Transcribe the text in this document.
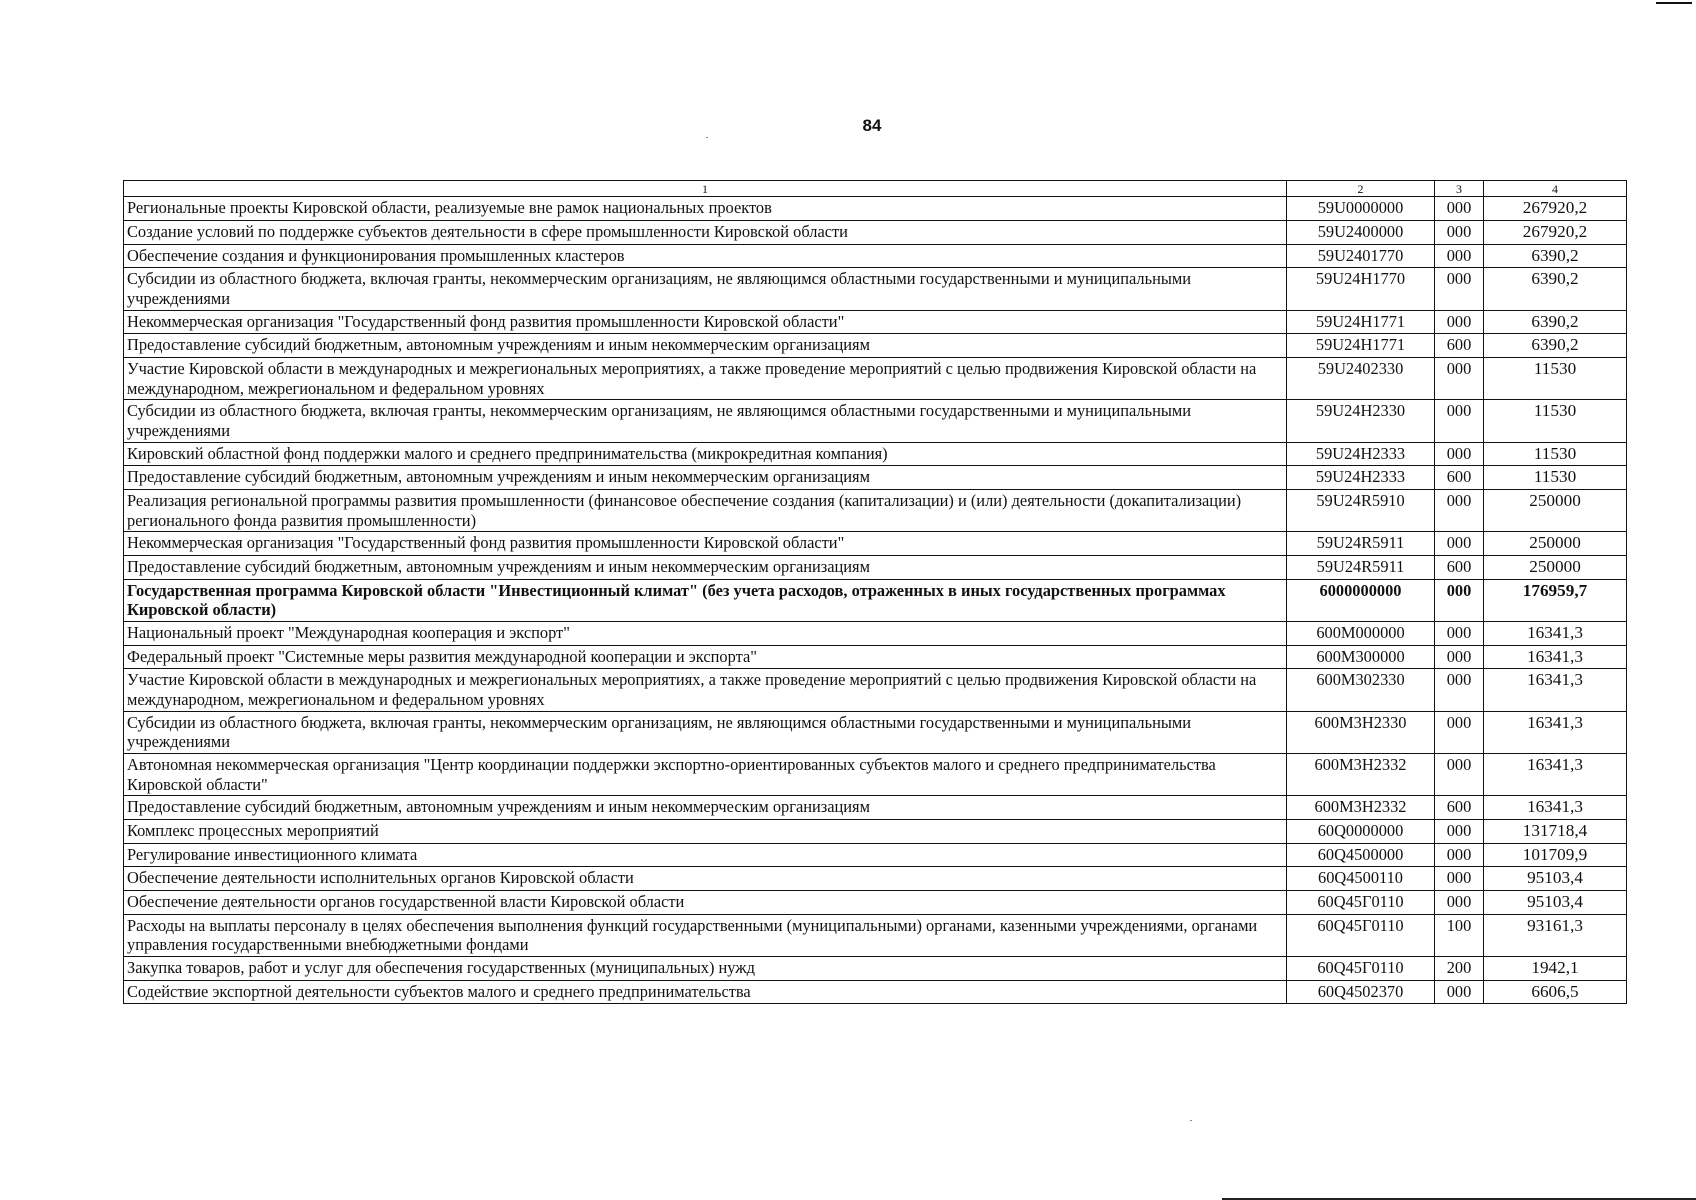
84
1	2	3	4
Региональные проекты Кировской области, реализуемые вне рамок национальных проектов	59U0000000	000	267920,2
Создание условий по поддержке субъектов деятельности в сфере промышленности Кировской области	59U2400000	000	267920,2
Обеспечение создания и функционирования промышленных кластеров	59U2401770	000	6390,2
Субсидии из областного бюджета, включая гранты, некоммерческим организациям, не являющимся областными государственными и муниципальными учреждениями	59U24H1770	000	6390,2
Некоммерческая организация "Государственный фонд развития промышленности Кировской области"	59U24H1771	000	6390,2
Предоставление субсидий бюджетным, автономным учреждениям и иным некоммерческим организациям	59U24H1771	600	6390,2
Участие Кировской области в международных и межрегиональных мероприятиях, а также проведение мероприятий с целью продвижения Кировской области на международном, межрегиональном и федеральном уровнях	59U2402330	000	11530
Субсидии из областного бюджета, включая гранты, некоммерческим организациям, не являющимся областными государственными и муниципальными учреждениями	59U24H2330	000	11530
Кировский областной фонд поддержки малого и среднего предпринимательства (микрокредитная компания)	59U24H2333	000	11530
Предоставление субсидий бюджетным, автономным учреждениям и иным некоммерческим организациям	59U24H2333	600	11530
Реализация региональной программы развития промышленности (финансовое обеспечение создания (капитализации) и (или) деятельности (докапитализации) регионального фонда развития промышленности)	59U24R5910	000	250000
Некоммерческая организация "Государственный фонд развития промышленности Кировской области"	59U24R5911	000	250000
Предоставление субсидий бюджетным, автономным учреждениям и иным некоммерческим организациям	59U24R5911	600	250000
Государственная программа Кировской области "Инвестиционный климат" (без учета расходов, отраженных в иных государственных программах Кировской области)	6000000000	000	176959,7
Национальный проект "Международная кооперация и экспорт"	600M000000	000	16341,3
Федеральный проект "Системные меры развития международной кооперации и экспорта"	600M300000	000	16341,3
Участие Кировской области в международных и межрегиональных мероприятиях, а также проведение мероприятий с целью продвижения Кировской области на международном, межрегиональном и федеральном уровнях	600M302330	000	16341,3
Субсидии из областного бюджета, включая гранты, некоммерческим организациям, не являющимся областными государственными и муниципальными учреждениями	600M3H2330	000	16341,3
Автономная некоммерческая организация "Центр координации поддержки экспортно-ориентированных субъектов малого и среднего предпринимательства Кировской области"	600M3H2332	000	16341,3
Предоставление субсидий бюджетным, автономным учреждениям и иным некоммерческим организациям	600M3H2332	600	16341,3
Комплекс процессных мероприятий	60Q0000000	000	131718,4
Регулирование инвестиционного климата	60Q4500000	000	101709,9
Обеспечение деятельности исполнительных органов Кировской области	60Q4500110	000	95103,4
Обеспечение деятельности органов государственной власти Кировской области	60Q45Г0110	000	95103,4
Расходы на выплаты персоналу в целях обеспечения выполнения функций государственными (муниципальными) органами, казенными учреждениями, органами управления государственными внебюджетными фондами	60Q45Г0110	100	93161,3
Закупка товаров, работ и услуг для обеспечения государственных (муниципальных) нужд	60Q45Г0110	200	1942,1
Содействие экспортной деятельности субъектов малого и среднего предпринимательства	60Q4502370	000	6606,5
